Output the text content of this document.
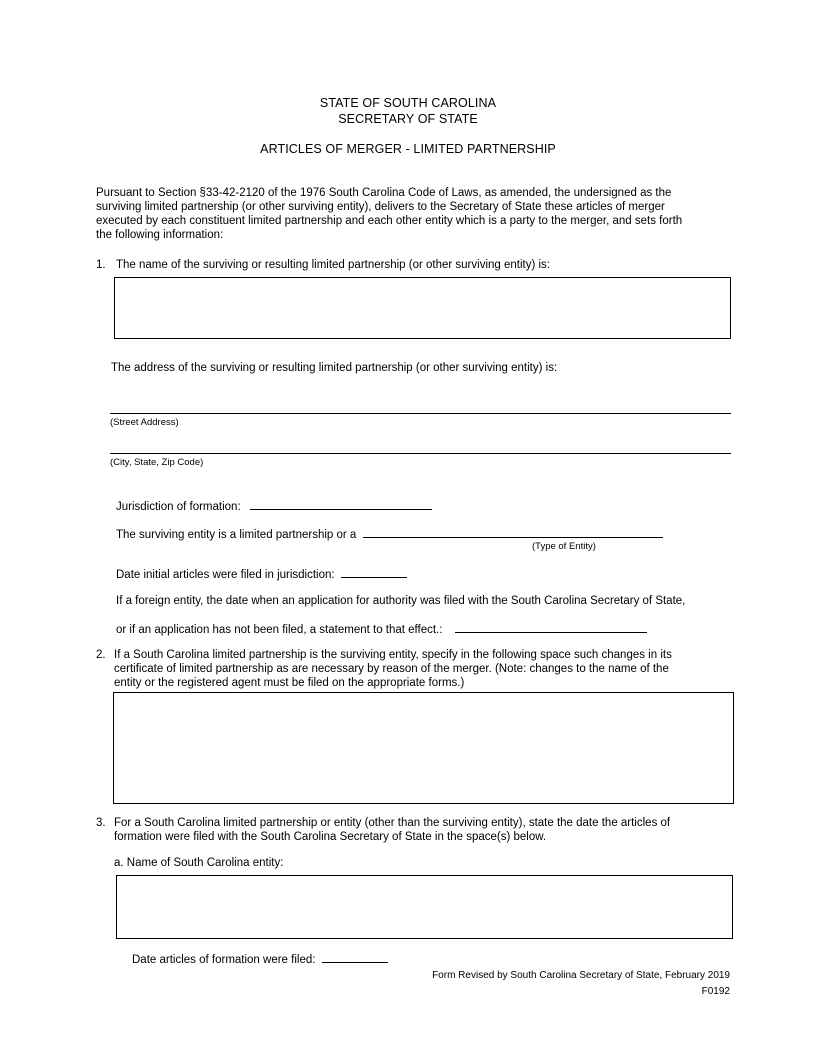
STATE OF SOUTH CAROLINA
SECRETARY OF STATE
ARTICLES OF MERGER - LIMITED PARTNERSHIP
Pursuant to Section §33-42-2120 of the 1976 South Carolina Code of Laws, as amended, the undersigned as the
surviving limited partnership (or other surviving entity), delivers to the Secretary of State these articles of merger
executed by each constituent limited partnership and each other entity which is a party to the merger, and sets forth
the following information:
1. The name of the surviving or resulting limited partnership (or other surviving entity) is:
The address of the surviving or resulting limited partnership (or other surviving entity) is:
(Street Address)
(City, State, Zip Code)
Jurisdiction of formation:
The surviving entity is a limited partnership or a
(Type of Entity)
Date initial articles were filed in jurisdiction:
If a foreign entity, the date when an application for authority was filed with the South Carolina Secretary of State,
or if an application has not been filed, a statement to that effect.:
2. If a South Carolina limited partnership is the surviving entity, specify in the following space such changes in its
certificate of limited partnership as are necessary by reason of the merger. (Note: changes to the name of the
entity or the registered agent must be filed on the appropriate forms.)
3. For a South Carolina limited partnership or entity (other than the surviving entity), state the date the articles of
formation were filed with the South Carolina Secretary of State in the space(s) below.
a. Name of South Carolina entity:
Date articles of formation were filed:
Form Revised by South Carolina Secretary of State, February 2019
F0192
